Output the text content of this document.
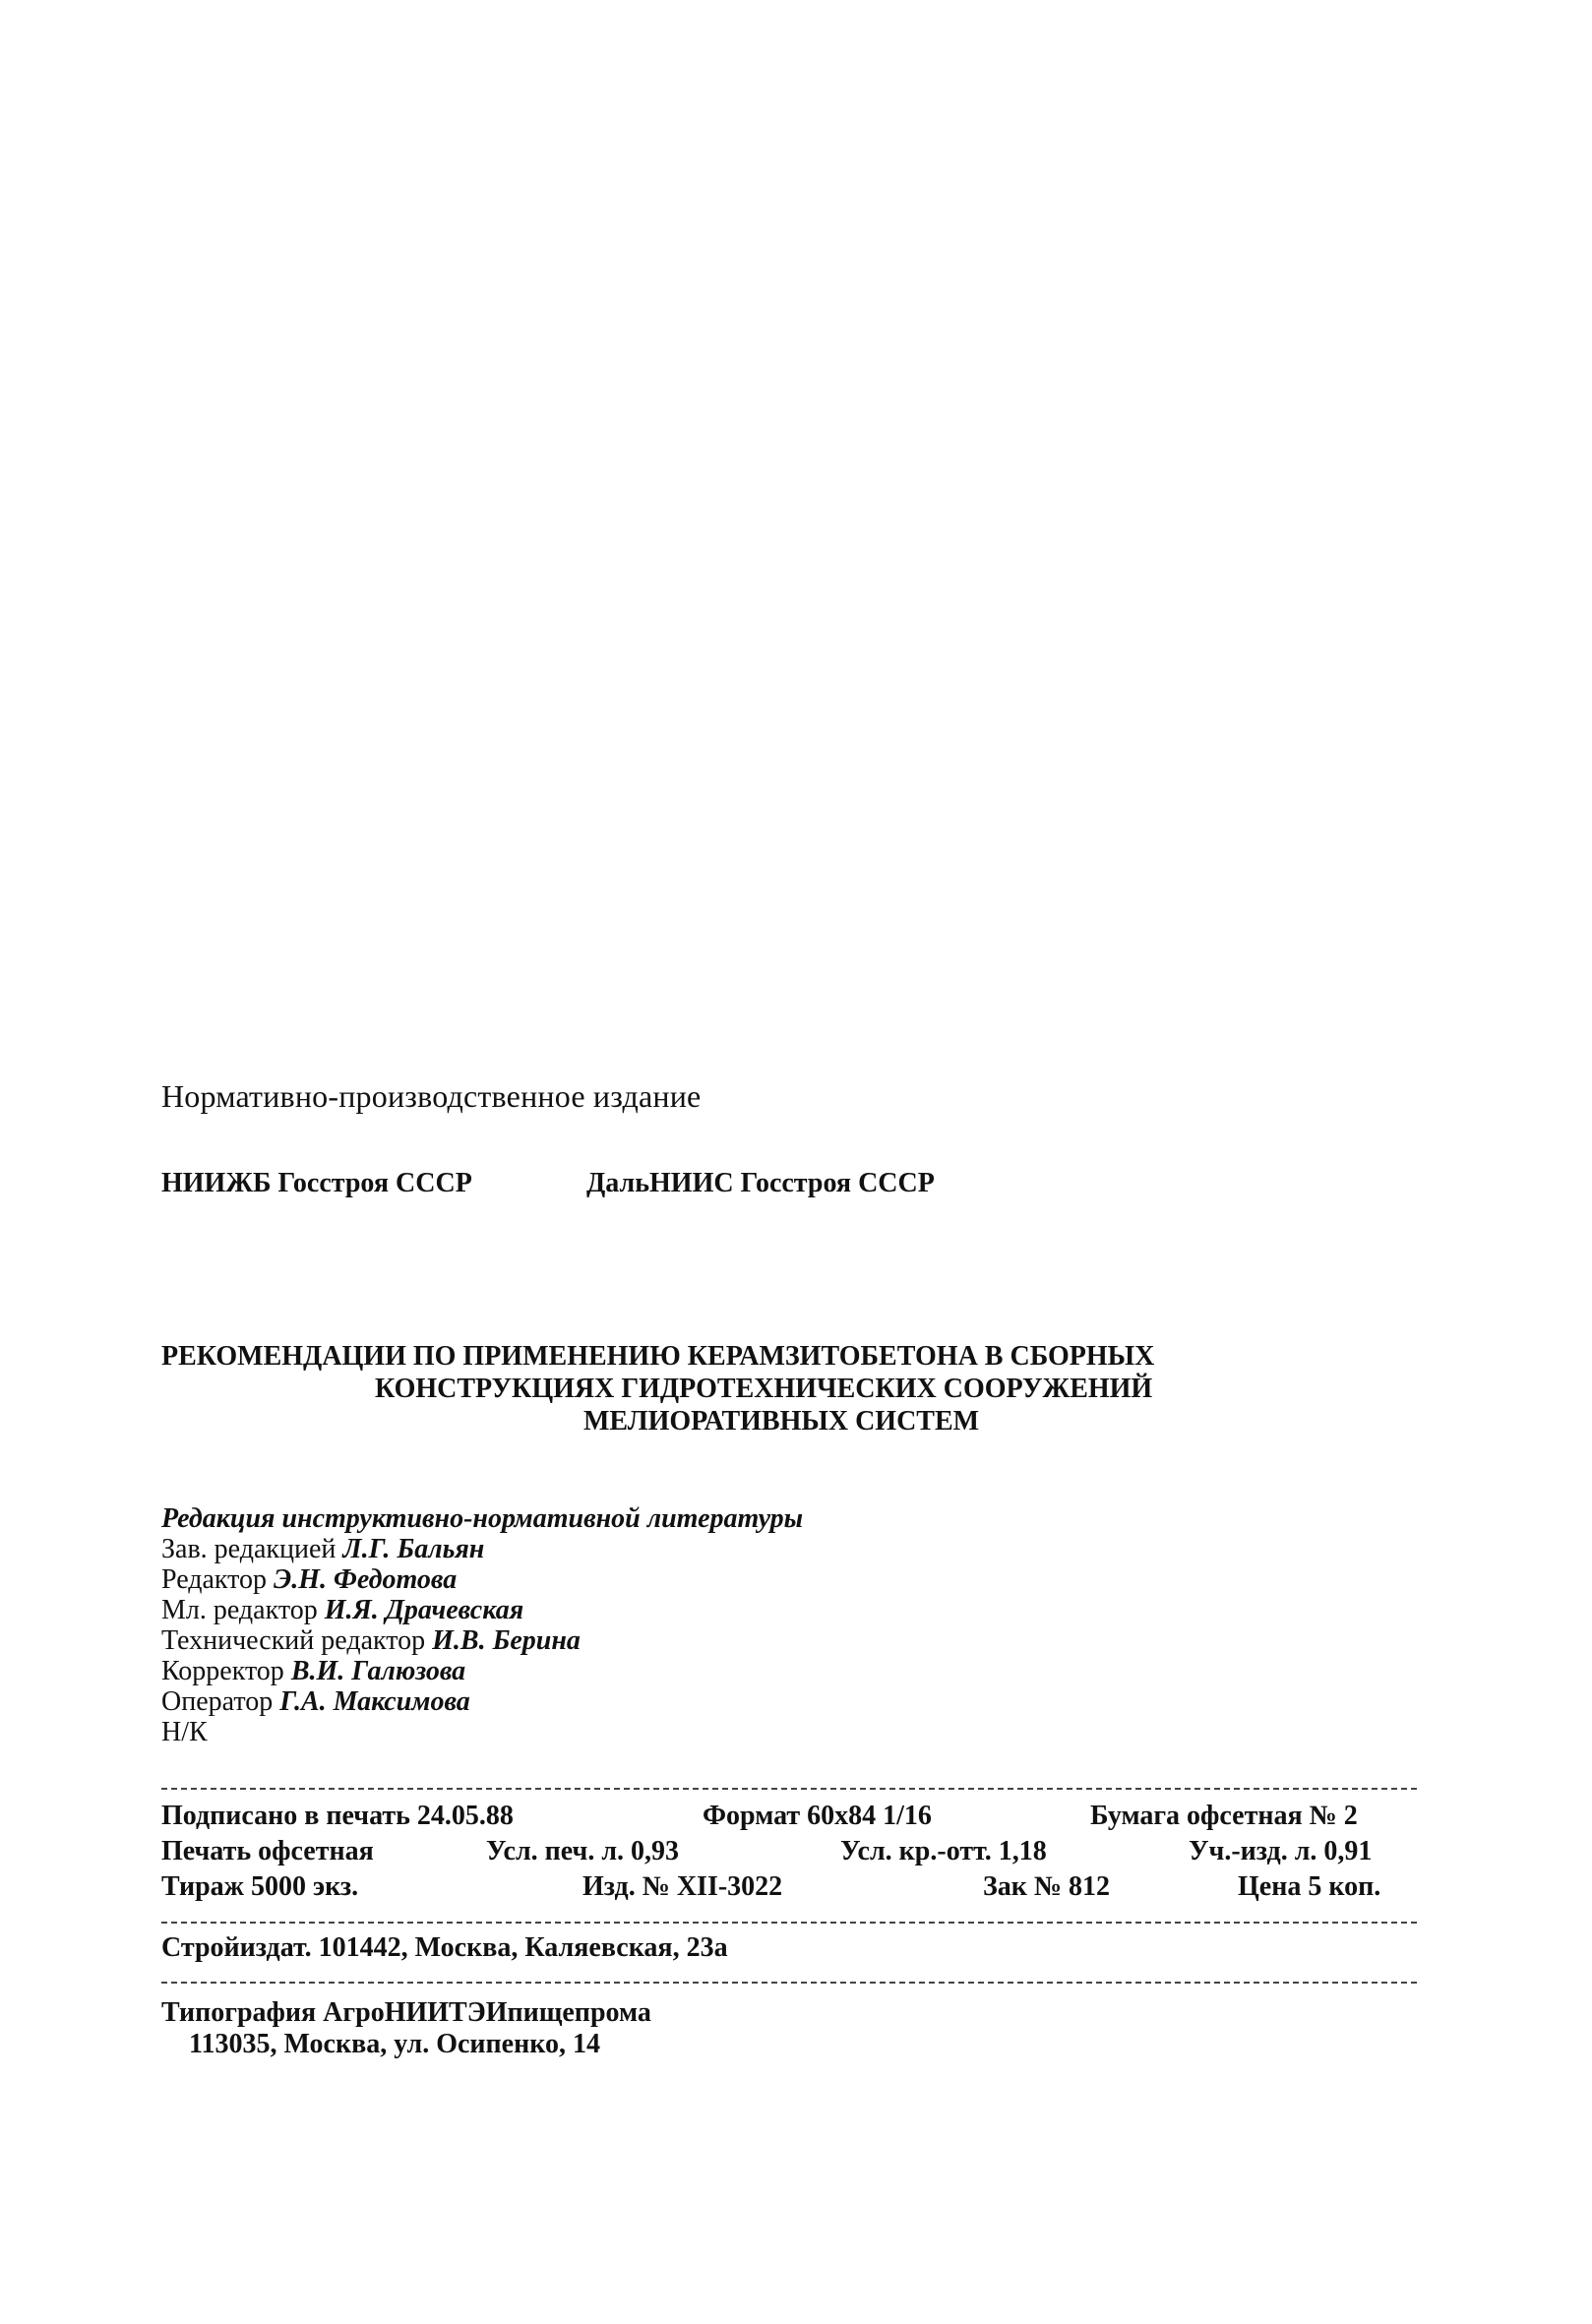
Нормативно-производственное издание
НИИЖБ Госстроя СССР	ДальНИИС Госстроя СССР
РЕКОМЕНДАЦИИ ПО ПРИМЕНЕНИЮ КЕРАМЗИТОБЕТОНА В СБОРНЫХ
КОНСТРУКЦИЯХ ГИДРОТЕХНИЧЕСКИХ СООРУЖЕНИЙ
МЕЛИОРАТИВНЫХ СИСТЕМ
Редакция инструктивно-нормативной литературы
Зав. редакцией Л.Г. Бальян
Редактор Э.Н. Федотова
Мл. редактор И.Я. Драчевская
Технический редактор И.В. Берина
Корректор В.И. Галюзова
Оператор Г.А. Максимова
Н/К
Подписано в печать 24.05.88	Формат 60х84 1/16	Бумага офсетная № 2
Печать офсетная	Усл. печ. л. 0,93	Усл. кр.-отт. 1,18	Уч.-изд. л. 0,91
Тираж 5000 экз.	Изд. № XII-3022	Зак № 812	Цена 5 коп.
Стройиздат. 101442, Москва, Каляевская, 23а
Типография АгроНИИТЭИпищепрома
113035, Москва, ул. Осипенко, 14
